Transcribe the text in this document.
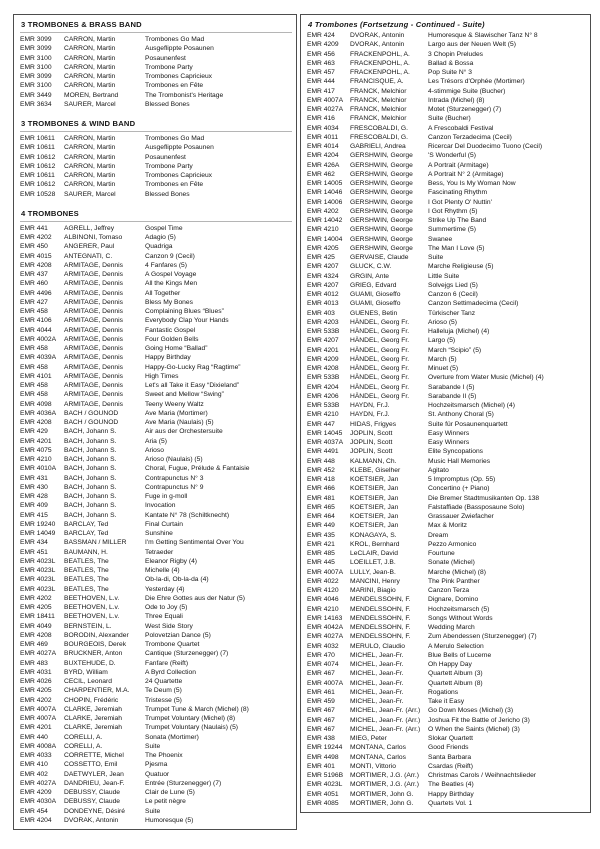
3 TROMBONES & BRASS BAND
EMR 3099	CARRON, Martin	Trombones Go Mad
EMR 3099	CARRON, Martin	Ausgeflippte Posaunen
EMR 3100	CARRON, Martin	Posaunenfest
EMR 3100	CARRON, Martin	Trombone Party
EMR 3099	CARRON, Martin	Trombones Capricieux
EMR 3100	CARRON, Martin	Trombones en Fête
EMR 3449	MOREN, Bertrand	The Trombonist's Heritage
EMR 3634	SAURER, Marcel	Blessed Bones
3 TROMBONES & WIND BAND
EMR 10611	CARRON, Martin	Trombones Go Mad
EMR 10611	CARRON, Martin	Ausgeflippte Posaunen
EMR 10612	CARRON, Martin	Posaunenfest
EMR 10612	CARRON, Martin	Trombone Party
EMR 10611	CARRON, Martin	Trombones Capricieux
EMR 10612	CARRON, Martin	Trombones en Fête
EMR 10528	SAURER, Marcel	Blessed Bones
4 TROMBONES
EMR 441	AGRELL, Jeffrey	Gospel Time
EMR 4202	ALBINONI, Tomaso	Adagio (5)
EMR 450	ANGERER, Paul	Quadriga
EMR 4015	ANTEGNATI, C.	Canzon 9 (Cecil)
EMR 4208	ARMITAGE, Dennis	4 Fanfares (5)
EMR 437	ARMITAGE, Dennis	A Gospel Voyage
EMR 460	ARMITAGE, Dennis	All the Kings Men
EMR 4496	ARMITAGE, Dennis	All Together
EMR 427	ARMITAGE, Dennis	Bless My Bones
EMR 458	ARMITAGE, Dennis	Complaining Blues “Blues”
EMR 4106	ARMITAGE, Dennis	Everybody Clap Your Hands
EMR 4044	ARMITAGE, Dennis	Fantastic Gospel
EMR 4002A	ARMITAGE, Dennis	Four Golden Bells
EMR 458	ARMITAGE, Dennis	Going Home “Ballad”
EMR 4039A	ARMITAGE, Dennis	Happy Birthday
EMR 458	ARMITAGE, Dennis	Happy-Go-Lucky Rag “Ragtime”
EMR 4101	ARMITAGE, Dennis	High Times
EMR 458	ARMITAGE, Dennis	Let's all Take it Easy “Dixieland”
EMR 458	ARMITAGE, Dennis	Sweet and Mellow “Swing”
EMR 4098	ARMITAGE, Dennis	Teeny Weeny Waltz
EMR 4036A	BACH / GOUNOD	Ave Maria (Mortimer)
EMR 4208	BACH / GOUNOD	Ave Maria (Naulais) (5)
EMR 429	BACH, Johann S.	Air aus der Orchestersuite
EMR 4201	BACH, Johann S.	Aria (5)
EMR 4075	BACH, Johann S.	Arioso
EMR 4210	BACH, Johann S.	Arioso (Naulais) (5)
EMR 4010A	BACH, Johann S.	Choral, Fugue, Prélude & Fantaisie
EMR 431	BACH, Johann S.	Contrapunctus N° 3
EMR 430	BACH, Johann S.	Contrapunctus N° 9
EMR 428	BACH, Johann S.	Fuge in g-moll
EMR 409	BACH, Johann S.	Invocation
EMR 415	BACH, Johann S.	Kantate N° 78 (Schiltknecht)
EMR 19240	BARCLAY, Ted	Final Curtain
EMR 14049	BARCLAY, Ted	Sunshine
EMR 434	BASSMAN / MILLER	I'm Getting Sentimental Over You
EMR 451	BAUMANN, H.	Tetraeder
EMR 4023L	BEATLES, The	Eleanor Rigby (4)
EMR 4023L	BEATLES, The	Michelle (4)
EMR 4023L	BEATLES, The	Ob-la-di, Ob-la-da (4)
EMR 4023L	BEATLES, The	Yesterday (4)
EMR 4202	BEETHOVEN, L.v.	Die Ehre Gottes aus der Natur (5)
EMR 4205	BEETHOVEN, L.v.	Ode to Joy (5)
EMR 18411	BEETHOVEN, L.v.	Three Equali
EMR 4049	BERNSTEIN, L.	West Side Story
EMR 4208	BORODIN, Alexander	Polovetzian Dance (5)
EMR 469	BOURGEOIS, Derek	Trombone Quartet
EMR 4027A	BRUCKNER, Anton	Cantique (Sturzenegger) (7)
EMR 483	BUXTEHUDE, D.	Fanfare (Reift)
EMR 4031	BYRD, William	A Byrd Collection
EMR 4026	CECIL, Leonard	24 Quartette
EMR 4205	CHARPENTIER, M.A.	Te Deum (5)
EMR 4202	CHOPIN, Frédéric	Tristesse (5)
EMR 4007A	CLARKE, Jeremiah	Trumpet Tune & March (Michel) (8)
EMR 4007A	CLARKE, Jeremiah	Trumpet Voluntary (Michel) (8)
EMR 4201	CLARKE, Jeremiah	Trumpet Voluntary (Naulais) (5)
EMR 440	CORELLI, A.	Sonata (Mortimer)
EMR 4008A	CORELLI, A.	Suite
EMR 4033	CORRETTE, Michel	The Phoenix
EMR 410	COSSETTO, Emil	Pjesma
EMR 402	DAETWYLER, Jean	Quatuor
EMR 4027A	DANDRIEU, Jean-F.	Entrée (Sturzenegger) (7)
EMR 4209	DEBUSSY, Claude	Clair de Lune (5)
EMR 4030A	DEBUSSY, Claude	Le petit nègre
EMR 454	DONDEYNE, Désiré	Suite
EMR 4204	DVORAK, Antonin	Humoresque (5)
4 Trombones (Fortsetzung - Continued - Suite)
EMR 424	DVORAK, Antonin	Humoresque & Slawischer Tanz N° 8
EMR 4209	DVORAK, Antonin	Largo aus der Neuen Welt (5)
EMR 456	FRACKENPOHL, A.	3 Chopin Preludes
EMR 463	FRACKENPOHL, A.	Ballad & Bossa
EMR 457	FRACKENPOHL, A.	Pop Suite N° 3
EMR 444	FRANCISQUE, A.	Les Trésors d'Orphée (Mortimer)
EMR 417	FRANCK, Melchior	4-stimmige Suite (Bucher)
EMR 4007A	FRANCK, Melchior	Intrada (Michel) (8)
EMR 4027A	FRANCK, Melchior	Motet (Sturzenegger) (7)
EMR 416	FRANCK, Melchior	Suite (Bucher)
EMR 4034	FRESCOBALDI, G.	A Frescobaldi Festival
EMR 4011	FRESCOBALDI, G.	Canzon Terzadecima (Cecil)
EMR 4014	GABRIELI, Andrea	Ricercar Del Duodecimo Tuono (Cecil)
EMR 4204	GERSHWIN, George	'S Wonderful (5)
EMR 426A	GERSHWIN, George	A Portrait (Armitage)
EMR 462	GERSHWIN, George	A Portrait N° 2 (Armitage)
EMR 14005	GERSHWIN, George	Bess, You Is My Woman Now
EMR 14046	GERSHWIN, George	Fascinating Rhythm
EMR 14006	GERSHWIN, George	I Got Plenty O' Nuttin'
EMR 4202	GERSHWIN, George	I Got Rhythm (5)
EMR 14042	GERSHWIN, George	Strike Up The Band
EMR 4210	GERSHWIN, George	Summertime (5)
EMR 14004	GERSHWIN, George	Swanee
EMR 4205	GERSHWIN, George	The Man I Love (5)
EMR 425	GERVAISE, Claude	Suite
EMR 4207	GLUCK, C.W.	Marche Religieuse (5)
EMR 4324	GRGIN, Ante	Little Suite
EMR 4207	GRIEG, Edvard	Solvejgs Lied (5)
EMR 4012	GUAMI, Gioseffo	Canzon 6 (Cecil)
EMR 4013	GUAMI, Gioseffo	Canzon Settimadecima (Cecil)
EMR 403	GUENES, Betin	Türkischer Tanz
EMR 4203	HÄNDEL, Georg Fr.	Arioso (5)
EMR 533B	HÄNDEL, Georg Fr.	Halleluja (Michel) (4)
EMR 4207	HÄNDEL, Georg Fr.	Largo (5)
EMR 4201	HÄNDEL, Georg Fr.	March “Scipio” (5)
EMR 4209	HÄNDEL, Georg Fr.	March (5)
EMR 4208	HÄNDEL, Georg Fr.	Minuet (5)
EMR 533B	HÄNDEL, Georg Fr.	Overture from Water Music (Michel) (4)
EMR 4204	HÄNDEL, Georg Fr.	Sarabande I (5)
EMR 4206	HÄNDEL, Georg Fr.	Sarabande II (5)
EMR 533B	HAYDN, Fr.J.	Hochzeitsmarsch (Michel) (4)
EMR 4210	HAYDN, Fr.J.	St. Anthony Choral (5)
EMR 447	HIDAS, Frigyes	Suite für Posaunenquartett
EMR 14045	JOPLIN, Scott	Easy Winners
EMR 4037A	JOPLIN, Scott	Easy Winners
EMR 4491	JOPLIN, Scott	Elite Syncopations
EMR 448	KALMANN, Ch.	Music Hall Memories
EMR 452	KLEBE, Giselher	Agitato
EMR 418	KOETSIER, Jan	5 Impromptus (Op. 55)
EMR 466	KOETSIER, Jan	Concertino (+ Piano)
EMR 481	KOETSIER, Jan	Die Bremer Stadtmusikanten Op. 138
EMR 465	KOETSIER, Jan	Falstaffiade (Bassposaune Solo)
EMR 464	KOETSIER, Jan	Grassauer Zwiefacher
EMR 449	KOETSIER, Jan	Max & Moritz
EMR 435	KONAGAYA, S.	Dream
EMR 421	KROL, Bernhard	Pezzo Armonico
EMR 485	LeCLAIR, David	Fourtune
EMR 445	LOEILLET, J.B.	Sonate (Michel)
EMR 4007A	LULLY, Jean-B.	Marche (Michel) (8)
EMR 4022	MANCINI, Henry	The Pink Panther
EMR 4120	MARINI, Biagio	Canzon Terza
EMR 4046	MENDELSSOHN, F.	Dignare, Domino
EMR 4210	MENDELSSOHN, F.	Hochzeitsmarsch (5)
EMR 14163	MENDELSSOHN, F.	Songs Without Words
EMR 4042A	MENDELSSOHN, F.	Wedding March
EMR 4027A	MENDELSSOHN, F.	Zum Abendessen (Sturzenegger) (7)
EMR 4032	MERULO, Claudio	A Merulo Selection
EMR 470	MICHEL, Jean-Fr.	Blue Bells of Lucerne
EMR 4074	MICHEL, Jean-Fr.	Oh Happy Day
EMR 467	MICHEL, Jean-Fr.	Quartett Album (3)
EMR 4007A	MICHEL, Jean-Fr.	Quartett Album (8)
EMR 461	MICHEL, Jean-Fr.	Rogations
EMR 459	MICHEL, Jean-Fr.	Take it Easy
EMR 467	MICHEL, Jean-Fr. (Arr.)	Go Down Moses (Michel) (3)
EMR 467	MICHEL, Jean-Fr. (Arr.)	Joshua Fit the Battle of Jericho (3)
EMR 467	MICHEL, Jean-Fr. (Arr.)	O When the Saints (Michel) (3)
EMR 438	MIEG, Peter	Slokar Quartett
EMR 19244	MONTANA, Carlos	Good Friends
EMR 4498	MONTANA, Carlos	Santa Barbara
EMR 401	MONTI, Vittorio	Csardas (Reift)
EMR 5196B	MORTIMER, J.G. (Arr.)	Christmas Carols / Weihnachtslieder
EMR 4023L	MORTIMER, J.G. (Arr.)	The Beatles (4)
EMR 4051	MORTIMER, John G.	Happy Birthday
EMR 4085	MORTIMER, John G.	Quartets Vol. 1
